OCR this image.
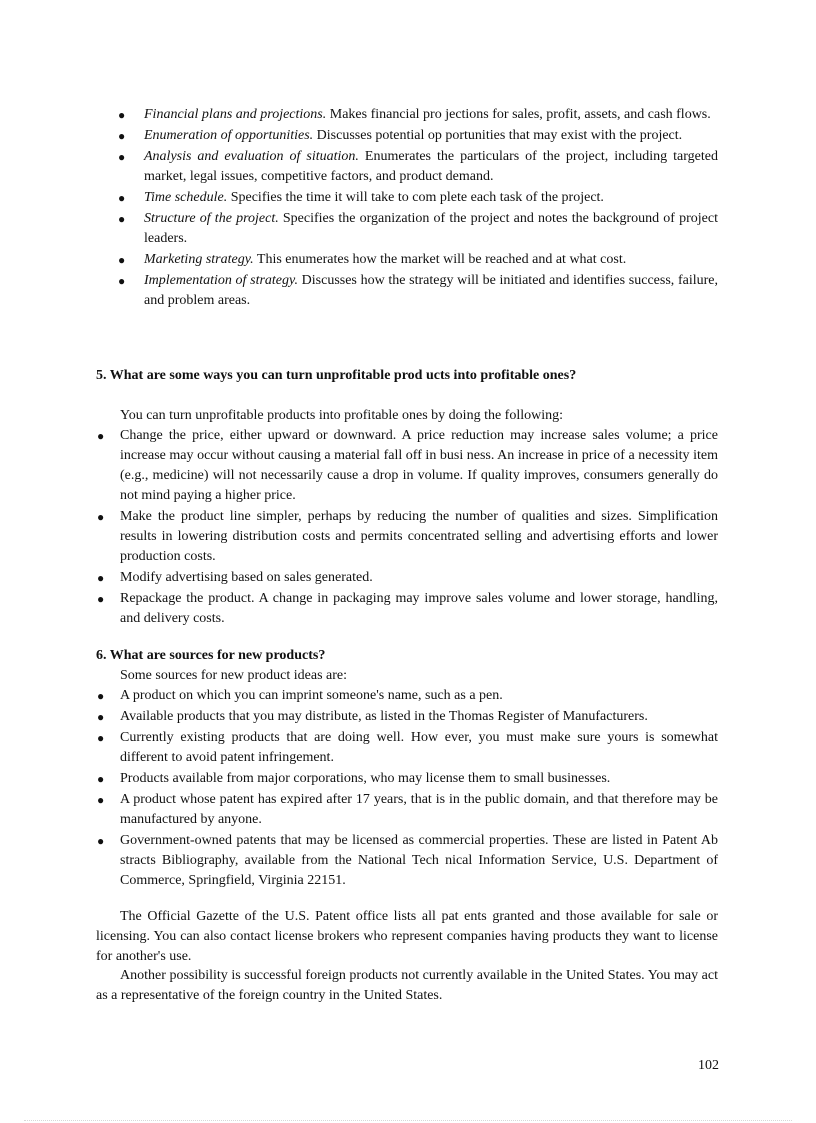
● Financial plans and projections. Makes financial pro jections for sales, profit, assets, and cash flows.
● Enumeration of opportunities. Discusses potential op portunities that may exist with the project.
● Analysis and evaluation of situation. Enumerates the particulars of the project, including targeted market, legal issues, competitive factors, and product demand.
● Time schedule. Specifies the time it will take to com plete each task of the project.
● Structure of the project. Specifies the organization of the project and notes the background of project leaders.
● Marketing strategy. This enumerates how the market will be reached and at what cost.
● Implementation of strategy. Discusses how the strategy will be initiated and identifies success, failure, and problem areas.
5. What are some ways you can turn unprofitable prod ucts into profitable ones?

You can turn unprofitable products into profitable ones by doing the following:

● Change the price, either upward or downward. A price reduction may increase sales volume; a price increase may occur without causing a material fall off in busi ness. An increase in price of a necessity item (e.g., medicine) will not necessarily cause a drop in volume. If quality improves, consumers generally do not mind paying a higher price.
● Make the product line simpler, perhaps by reducing the number of qualities and sizes. Simplification results in lowering distribution costs and permits concentrated selling and advertising efforts and lower production costs.
● Modify advertising based on sales generated.
● Repackage the product. A change in packaging may improve sales volume and lower storage, handling, and delivery costs.
6. What are sources for new products?

Some sources for new product ideas are:

● A product on which you can imprint someone's name, such as a pen.
● Available products that you may distribute, as listed in the Thomas Register of Manufacturers.
● Currently existing products that are doing well. How ever, you must make sure yours is somewhat different to avoid patent infringement.
● Products available from major corporations, who may license them to small businesses.
● A product whose patent has expired after 17 years, that is in the public domain, and that therefore may be manufactured by anyone.
● Government-owned patents that may be licensed as commercial properties. These are listed in Patent Ab stracts Bibliography, available from the National Tech nical Information Service, U.S. Department of Commerce, Springfield, Virginia 22151.

The Official Gazette of the U.S. Patent office lists all pat ents granted and those available for sale or licensing. You can also contact license brokers who represent companies having products they want to license for another's use.

Another possibility is successful foreign products not currently available in the United States. You may act as a representative of the foreign country in the United States.

102
